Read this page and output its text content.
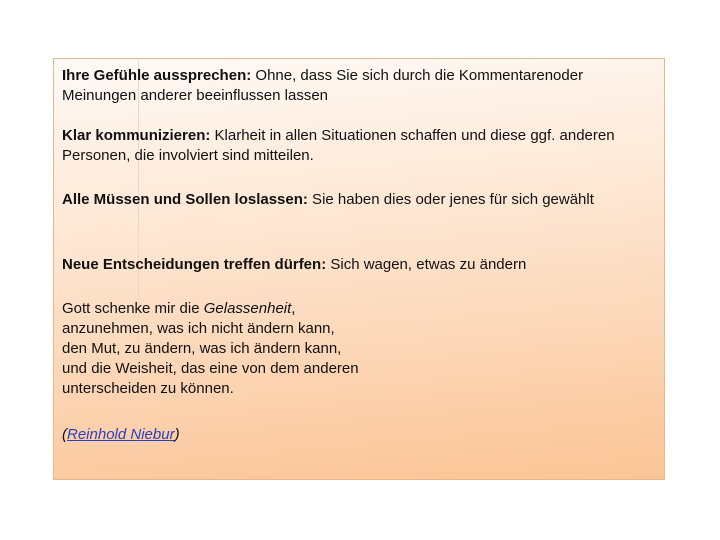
Ihre Gefühle aussprechen: Ohne, dass Sie sich durch die Kommentarenoder Meinungen anderer beeinflussen lassen

Klar kommunizieren: Klarheit in allen Situationen schaffen und diese ggf. anderen Personen, die involviert sind mitteilen.

Alle Müssen und Sollen loslassen: Sie haben dies oder jenes für sich gewählt

Neue Entscheidungen treffen dürfen: Sich wagen, etwas zu ändern

Gott schenke mir die Gelassenheit,
anzunehmen, was ich nicht ändern kann,
den Mut, zu ändern, was ich ändern kann,
und die Weisheit, das eine von dem anderen
unterscheiden zu können.

(Reinhold Niebur)
